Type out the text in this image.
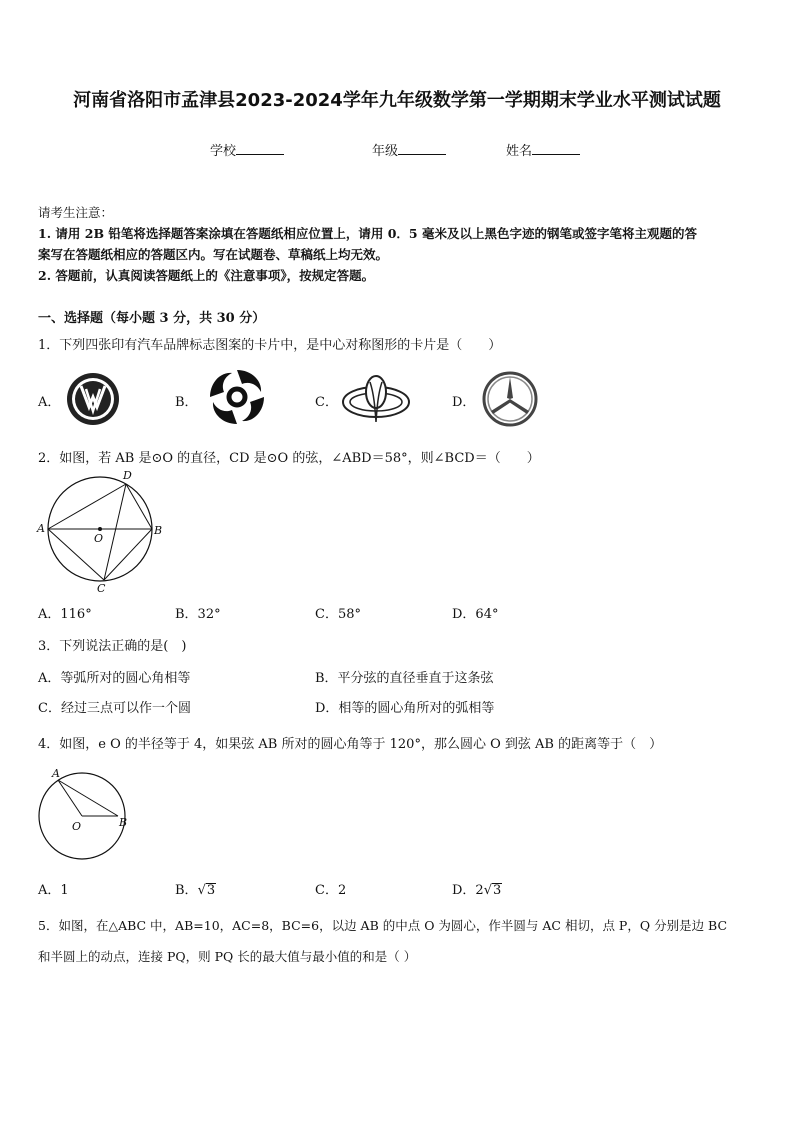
河南省洛阳市孟津县2023-2024学年九年级数学第一学期期末学业水平测试试题
学校	年级	姓名
请考生注意：
1. 请用 2B 铅笔将选择题答案涂填在答题纸相应位置上，请用 0．5 毫米及以上黑色字迹的钢笔或签字笔将主观题的答
案写在答题纸相应的答题区内。写在试题卷、草稿纸上均无效。
2. 答题前，认真阅读答题纸上的《注意事项》，按规定答题。
一、选择题（每小题 3 分，共 30 分）
1．下列四张印有汽车品牌标志图案的卡片中，是中心对称图形的卡片是（　　）
A．	B．	C．	D．
2．如图，若 AB 是⊙O 的直径，CD 是⊙O 的弦，∠ABD＝58°，则∠BCD＝（　　）
A	B
C
D
O
A．116°	B．32°	C．58°	D．64°
3．下列说法正确的是(　)
A．等弧所对的圆心角相等	B．平分弦的直径垂直于这条弦
C．经过三点可以作一个圆	D．相等的圆心角所对的弧相等
4．如图，e O 的半径等于 4，如果弦 AB 所对的圆心角等于 120°，那么圆心 O 到弦 AB 的距离等于（　）
A
B
O
A．1	B．√3	C．2	D．2√3
5．如图，在△ABC 中，AB=10，AC=8，BC=6，以边 AB 的中点 O 为圆心，作半圆与 AC 相切，点 P，Q 分别是边 BC
和半圆上的动点，连接 PQ，则 PQ 长的最大值与最小值的和是（ ）
